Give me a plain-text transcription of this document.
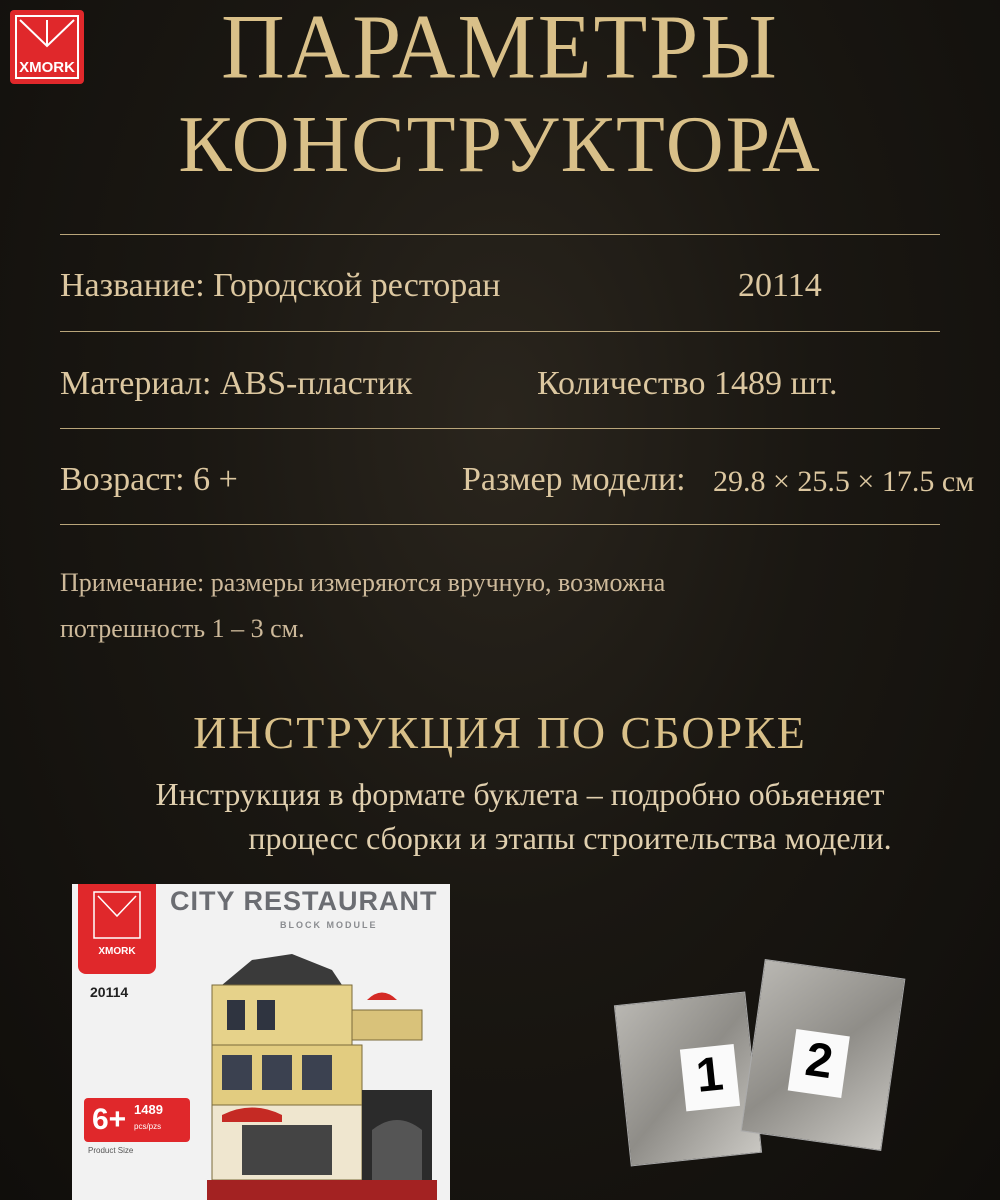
XMORK	ПАРАМЕТРЫ
КОНСТРУКТОРА
Название: Городской ресторан	20114
Материал: ABS-пластик	Количество 1489 шт.
Возраст: 6 +	Размер модели: 29.8 × 25.5 × 17.5 см
Примечание: размеры измеряются вручную, возможна
потрешность 1 – 3 см.
ИНСТРУКЦИЯ ПО СБОРКЕ
Инструкция в формате буклета – подробно обьяеняет
процесс сборки и этапы строительства модели.
XMORK
CITY RESTAURANT
BLOCK MODULE
20114
6+ 1489
pcs/pzs
Product Size
1	2
